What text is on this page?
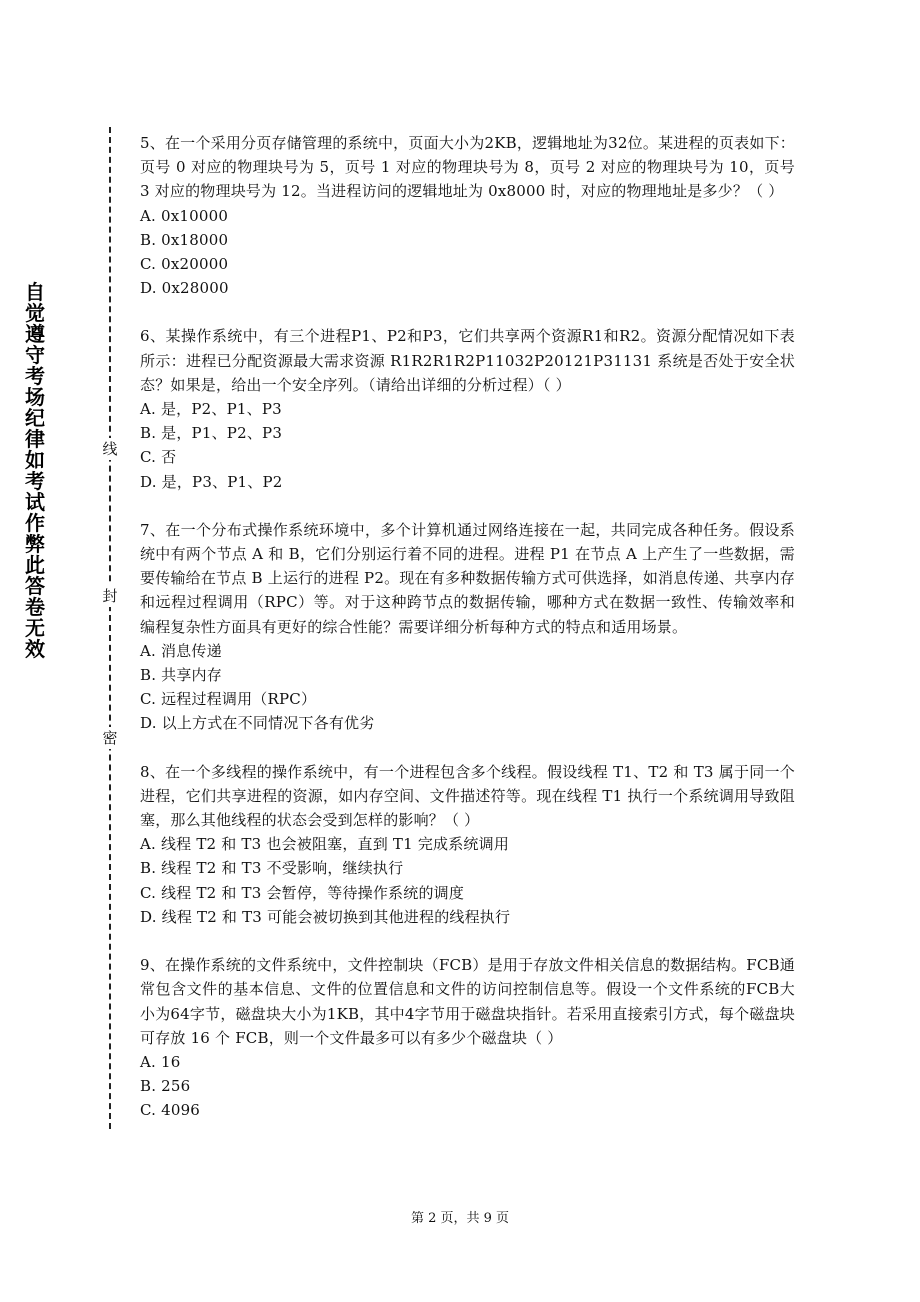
自觉遵守考场纪律如考试作弊此答卷无效
线
封
密

5、在一个采用分页存储管理的系统中，页面大小为2KB，逻辑地址为32位。某进程的页表如下：页号 0 对应的物理块号为 5，页号 1 对应的物理块号为 8，页号 2 对应的物理块号为 10，页号 3 对应的物理块号为 12。当进程访问的逻辑地址为 0x8000 时，对应的物理地址是多少？（ ）

A. 0x10000

B. 0x18000

C. 0x20000

D. 0x28000

6、某操作系统中，有三个进程P1、P2和P3，它们共享两个资源R1和R2。资源分配情况如下表所示：进程已分配资源最大需求资源 R1R2R1R2P11032P20121P31131 系统是否处于安全状态？如果是，给出一个安全序列。（请给出详细的分析过程）（ ）

A. 是，P2、P1、P3

B. 是，P1、P2、P3

C. 否

D. 是，P3、P1、P2

7、在一个分布式操作系统环境中，多个计算机通过网络连接在一起，共同完成各种任务。假设系统中有两个节点 A 和 B，它们分别运行着不同的进程。进程 P1 在节点 A 上产生了一些数据，需要传输给在节点 B 上运行的进程 P2。现在有多种数据传输方式可供选择，如消息传递、共享内存和远程过程调用（RPC）等。对于这种跨节点的数据传输，哪种方式在数据一致性、传输效率和编程复杂性方面具有更好的综合性能？需要详细分析每种方式的特点和适用场景。

A. 消息传递

B. 共享内存

C. 远程过程调用（RPC）

D. 以上方式在不同情况下各有优劣

8、在一个多线程的操作系统中，有一个进程包含多个线程。假设线程 T1、T2 和 T3 属于同一个进程，它们共享进程的资源，如内存空间、文件描述符等。现在线程 T1 执行一个系统调用导致阻塞，那么其他线程的状态会受到怎样的影响？（ ）

A. 线程 T2 和 T3 也会被阻塞，直到 T1 完成系统调用

B. 线程 T2 和 T3 不受影响，继续执行

C. 线程 T2 和 T3 会暂停，等待操作系统的调度

D. 线程 T2 和 T3 可能会被切换到其他进程的线程执行

9、在操作系统的文件系统中，文件控制块（FCB）是用于存放文件相关信息的数据结构。FCB通常包含文件的基本信息、文件的位置信息和文件的访问控制信息等。假设一个文件系统的FCB大小为64字节，磁盘块大小为1KB，其中4字节用于磁盘块指针。若采用直接索引方式，每个磁盘块可存放 16 个 FCB，则一个文件最多可以有多少个磁盘块（ ）

A. 16

B. 256

C. 4096

第 2 页，共 9 页
